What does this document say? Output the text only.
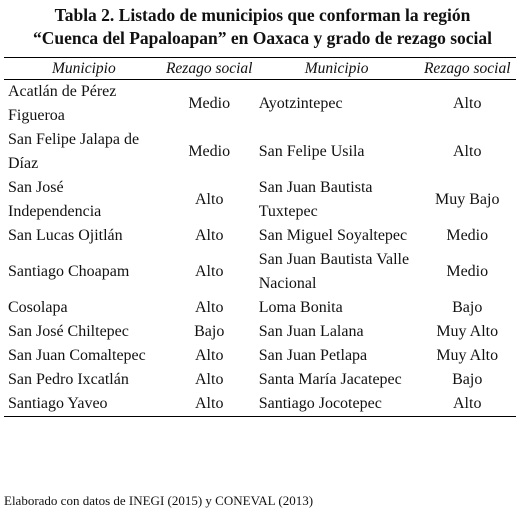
Tabla 2. Listado de municipios que conforman la región
“Cuenca del Papaloapan” en Oaxaca y grado de rezago social
Municipio	Rezago social	Municipio	Rezago social
Acatlán de Pérez Figueroa	Medio	Ayotzintepec	Alto
San Felipe Jalapa de Díaz	Medio	San Felipe Usila	Alto
San José Independencia	Alto	San Juan Bautista Tuxtepec	Muy Bajo
San Lucas Ojitlán	Alto	San Miguel Soyaltepec	Medio
Santiago Choapam	Alto	San Juan Bautista Valle Nacional	Medio
Cosolapa	Alto	Loma Bonita	Bajo
San José Chiltepec	Bajo	San Juan Lalana	Muy Alto
San Juan Comaltepec	Alto	San Juan Petlapa	Muy Alto
San Pedro Ixcatlán	Alto	Santa María Jacatepec	Bajo
Santiago Yaveo	Alto	Santiago Jocotepec	Alto
Elaborado con datos de INEGI (2015) y CONEVAL (2013)
